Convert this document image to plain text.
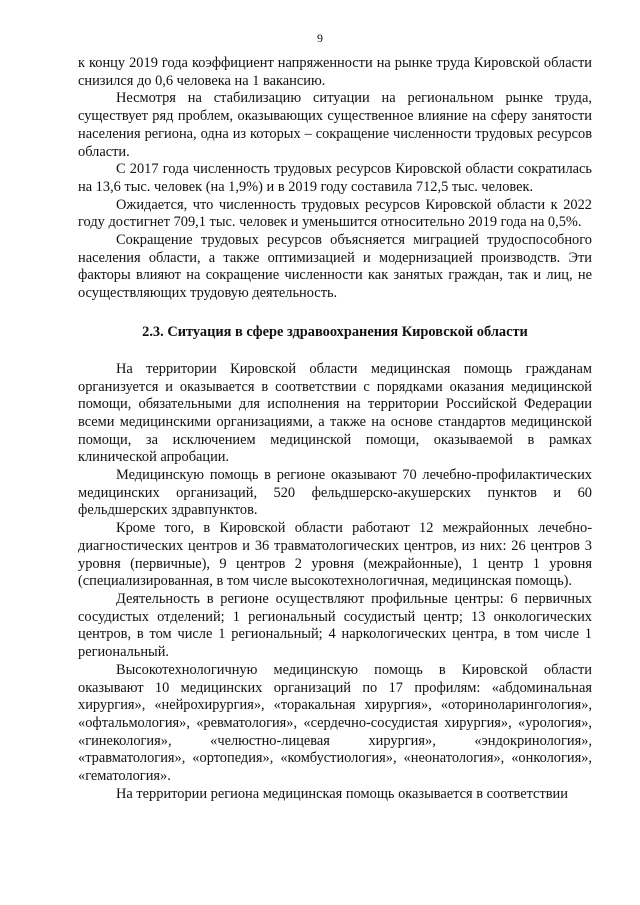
9

к концу 2019 года коэффициент напряженности на рынке труда Кировской области снизился до 0,6 человека на 1 вакансию.

Несмотря на стабилизацию ситуации на региональном рынке труда, существует ряд проблем, оказывающих существенное влияние на сферу занятости населения региона, одна из которых – сокращение численности трудовых ресурсов области.

С 2017 года численность трудовых ресурсов Кировской области сократилась на 13,6 тыс. человек (на 1,9%) и в 2019 году составила 712,5 тыс. человек.

Ожидается, что численность трудовых ресурсов Кировской области к 2022 году достигнет 709,1 тыс. человек и уменьшится относительно 2019 года на 0,5%.

Сокращение трудовых ресурсов объясняется миграцией трудоспособного населения области, а также оптимизацией и модернизацией производств. Эти факторы влияют на сокращение численности как занятых граждан, так и лиц, не осуществляющих трудовую деятельность.

2.3. Ситуация в сфере здравоохранения Кировской области

На территории Кировской области медицинская помощь гражданам организуется и оказывается в соответствии с порядками оказания медицинской помощи, обязательными для исполнения на территории Российской Федерации всеми медицинскими организациями, а также на основе стандартов медицинской помощи, за исключением медицинской помощи, оказываемой в рамках клинической апробации.

Медицинскую помощь в регионе оказывают 70 лечебно-профилактических медицинских организаций, 520 фельдшерско-акушерских пунктов и 60 фельдшерских здравпунктов.

Кроме того, в Кировской области работают 12 межрайонных лечебно-диагностических центров и 36 травматологических центров, из них: 26 центров 3 уровня (первичные), 9 центров 2 уровня (межрайонные), 1 центр 1 уровня (специализированная, в том числе высокотехнологичная, медицинская помощь).

Деятельность в регионе осуществляют профильные центры: 6 первичных сосудистых отделений; 1 региональный сосудистый центр; 13 онкологических центров, в том числе 1 региональный; 4 наркологических центра, в том числе 1 региональный.

Высокотехнологичную медицинскую помощь в Кировской области оказывают 10 медицинских организаций по 17 профилям: «абдоминальная хирургия», «нейрохирургия», «торакальная хирургия», «оториноларингология», «офтальмология», «ревматология», «сердечно-сосудистая хирургия», «урология», «гинекология», «челюстно-лицевая хирургия», «эндокринология», «травматология», «ортопедия», «комбустиология», «неонатология», «онкология», «гематология».

На территории региона медицинская помощь оказывается в соответствии
